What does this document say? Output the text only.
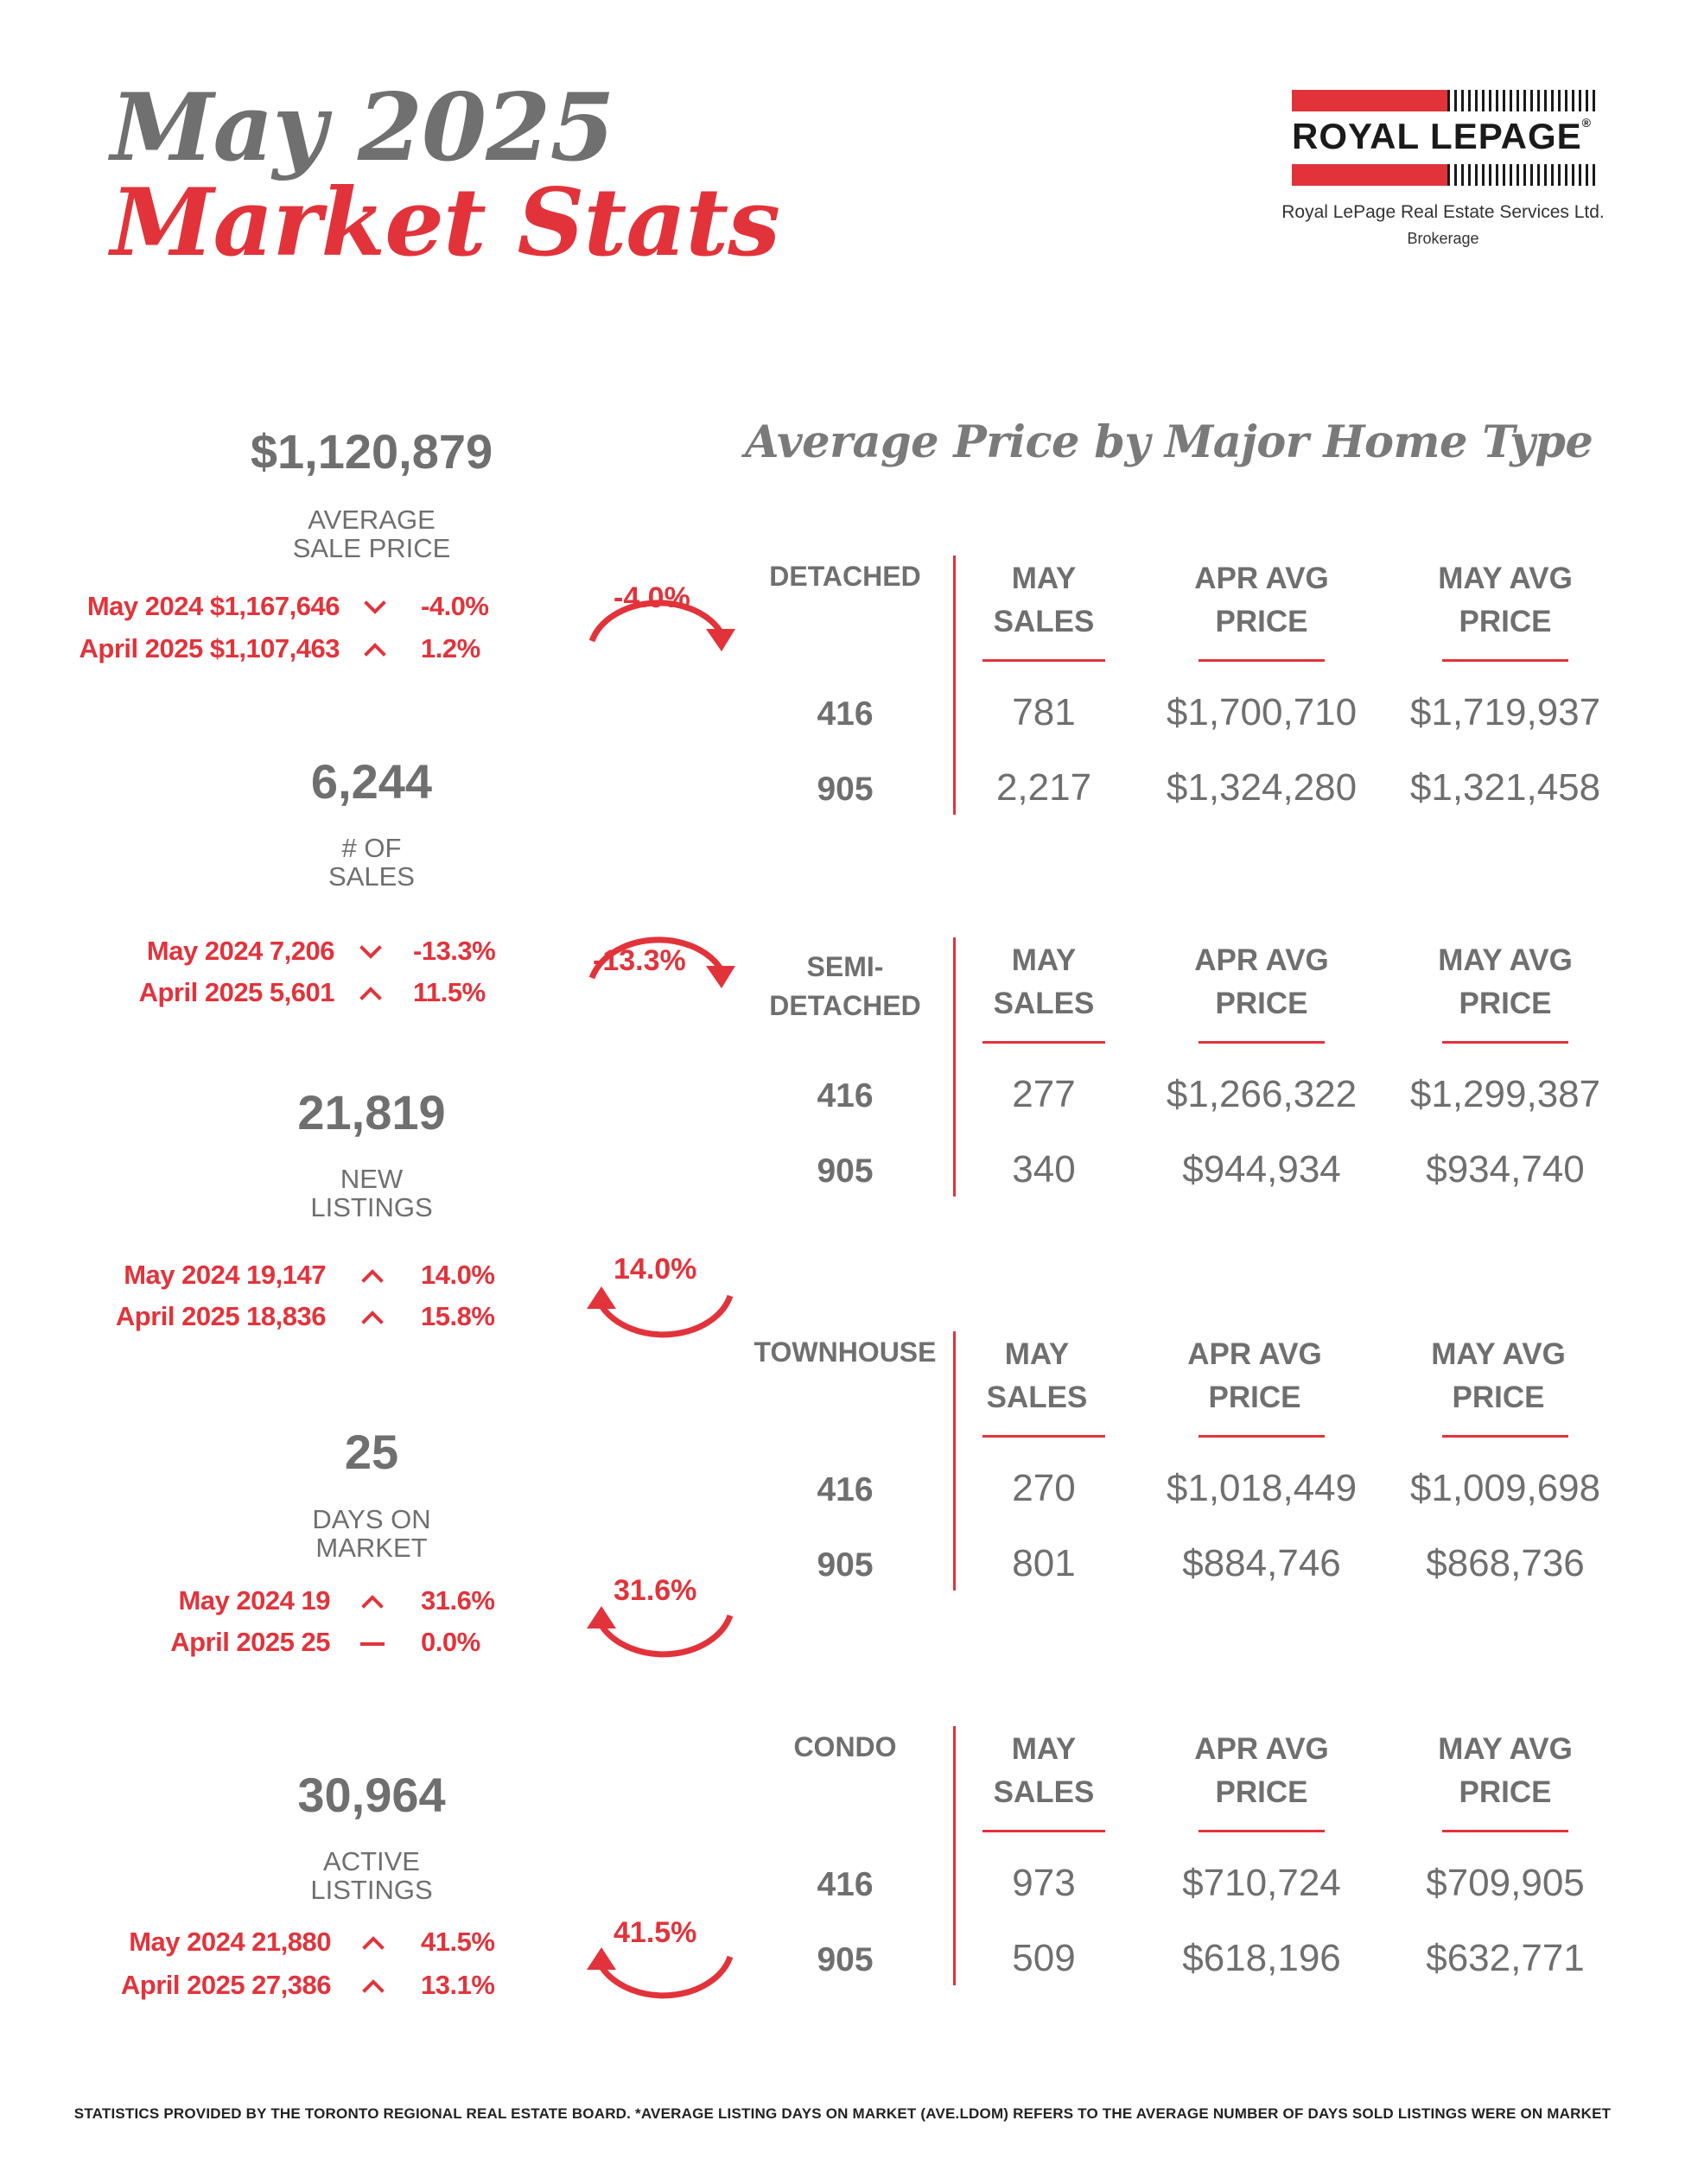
May 2025
Market Stats
ROYAL LEPAGE®
Royal LePage Real Estate Services Ltd.
Brokerage
$1,120,879
AVERAGE
SALE PRICE
May 2024 $1,167,646	-4.0%
April 2025 $1,107,463	1.2%
-4.0%
6,244
# OF
SALES
May 2024 7,206	-13.3%
April 2025 5,601	11.5%
-13.3%
21,819
NEW
LISTINGS
May 2024 19,147	14.0%
April 2025 18,836	15.8%
14.0%
25
DAYS ON
MARKET
May 2024 19	31.6%
April 2025 25	0.0%
31.6%
30,964
ACTIVE
LISTINGS
May 2024 21,880	41.5%
April 2025 27,386	13.1%
41.5%
Average Price by Major Home Type
DETACHED	MAY
SALES
APR AVG
PRICE
MAY AVG
PRICE
416	781	$1,700,710	$1,719,937
905	2,217	$1,324,280	$1,321,458
SEMI-
DETACHED
MAY
SALES
APR AVG
PRICE
MAY AVG
PRICE
416	277	$1,266,322	$1,299,387
905	340	$944,934	$934,740
TOWNHOUSE	MAY
SALES
APR AVG
PRICE
MAY AVG
PRICE
416	270	$1,018,449	$1,009,698
905	801	$884,746	$868,736
CONDO	MAY
SALES
APR AVG
PRICE
MAY AVG
PRICE
416	973	$710,724	$709,905
905	509	$618,196	$632,771
STATISTICS PROVIDED BY THE TORONTO REGIONAL REAL ESTATE BOARD. *AVERAGE LISTING DAYS ON MARKET (AVE.LDOM) REFERS TO THE AVERAGE NUMBER OF DAYS SOLD LISTINGS WERE ON MARKET
